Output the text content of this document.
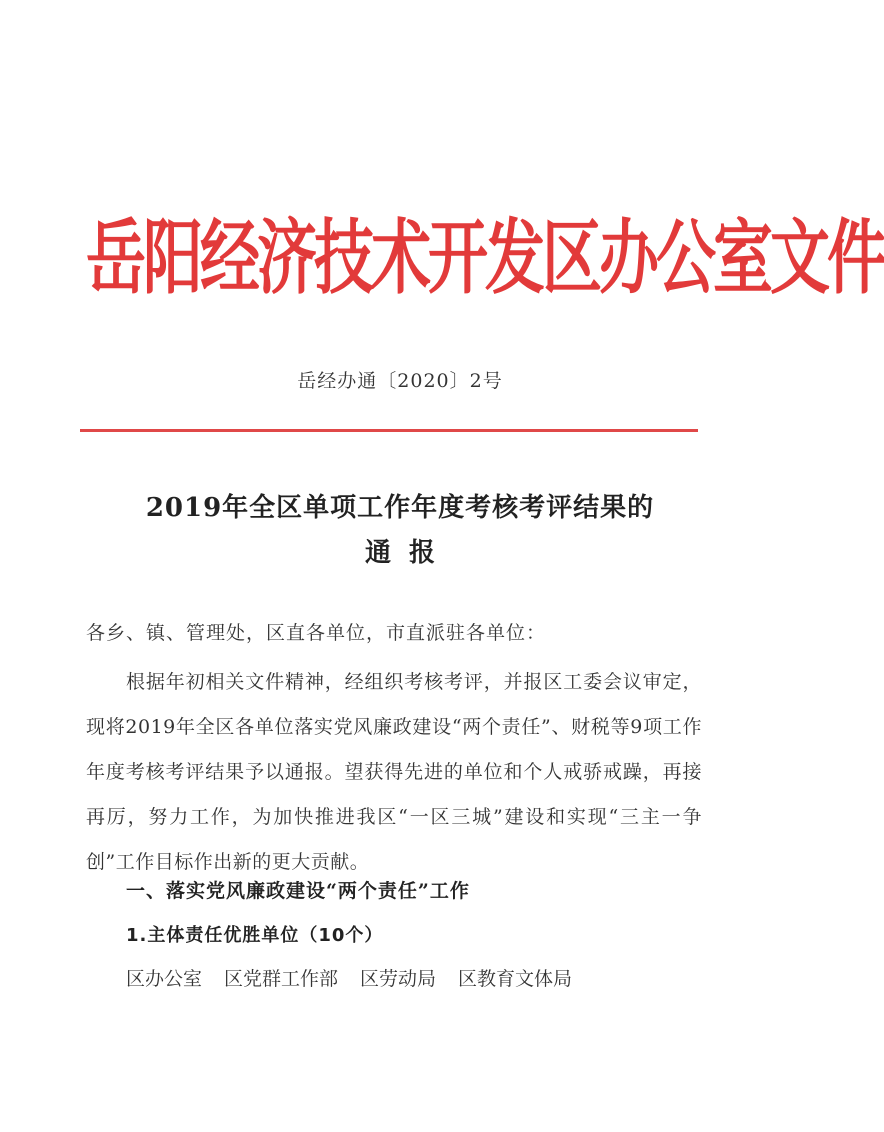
岳阳经济技术开发区办公室文件
岳经办通〔2020〕2号
2019年全区单项工作年度考核考评结果的
通报
各乡、镇、管理处，区直各单位，市直派驻各单位：
根据年初相关文件精神，经组织考核考评，并报区工委会议审定，现将2019年全区各单位落实党风廉政建设“两个责任”、财税等9项工作年度考核考评结果予以通报。望获得先进的单位和个人戒骄戒躁，再接再厉，努力工作，为加快推进我区“一区三城”建设和实现“三主一争创”工作目标作出新的更大贡献。
一、落实党风廉政建设“两个责任”工作
1.主体责任优胜单位（10个）
区办公室 区党群工作部 区劳动局 区教育文体局
